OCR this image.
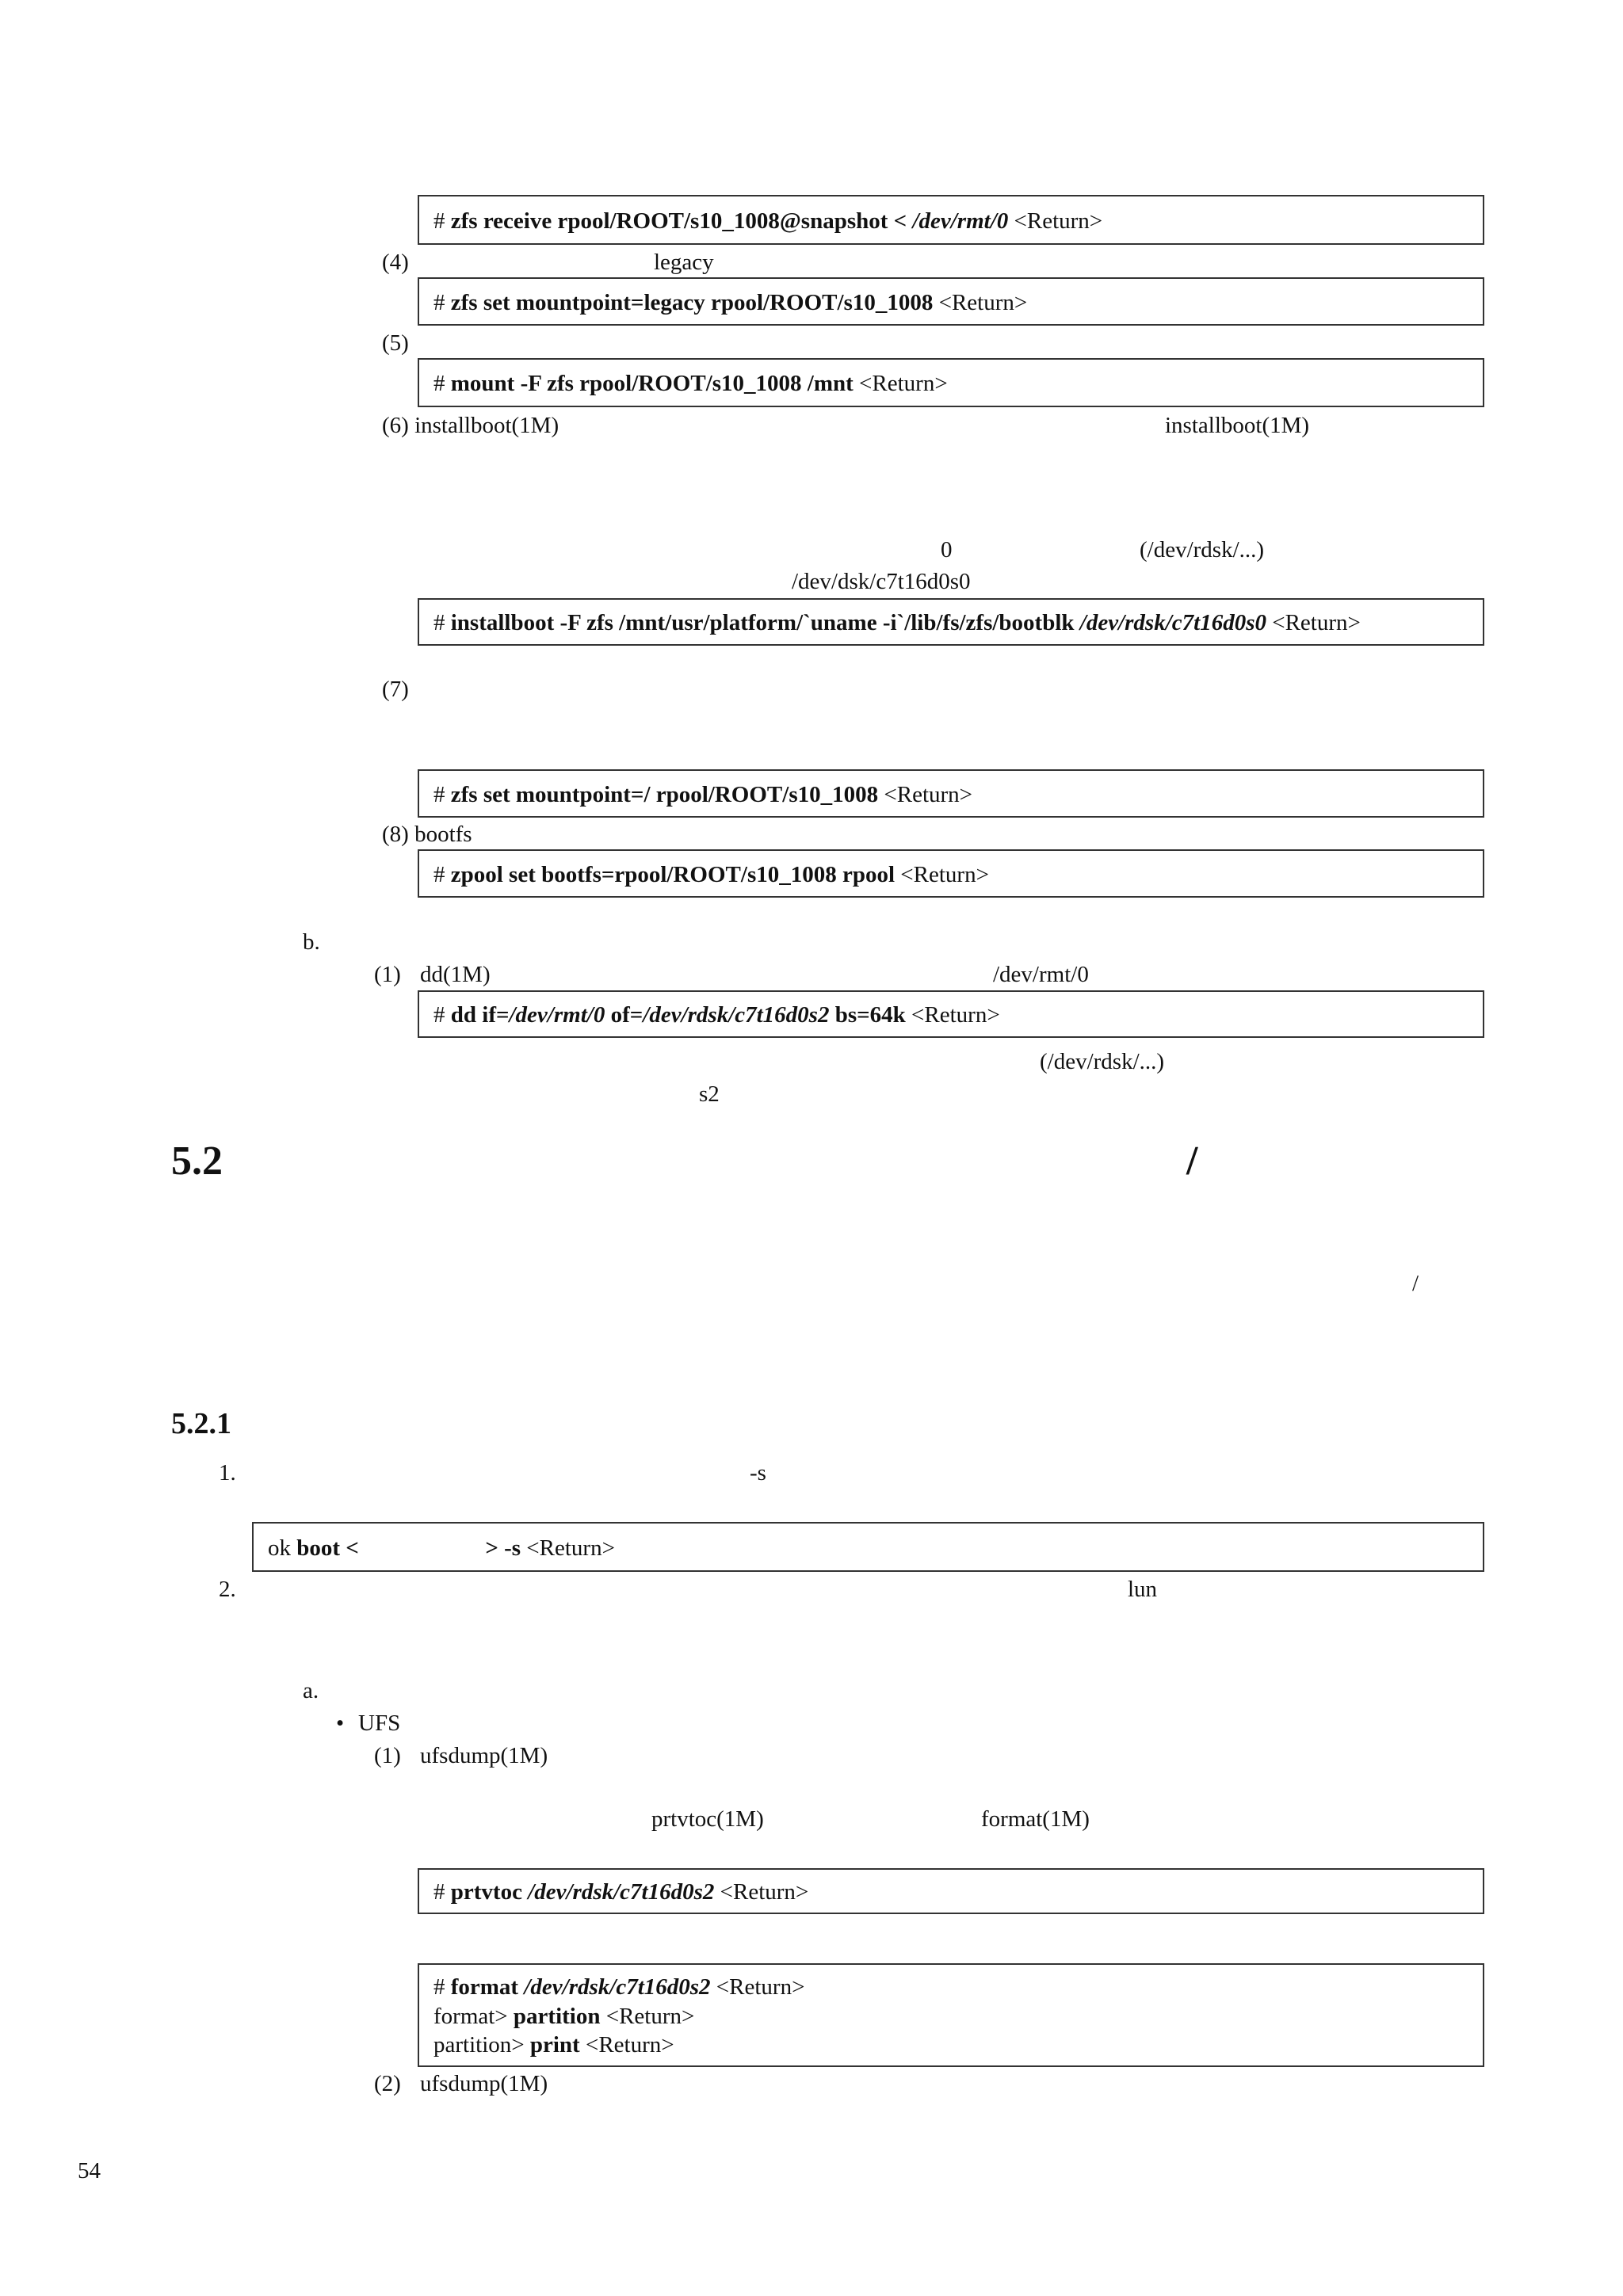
# zfs receive rpool/ROOT/s10_1008@snapshot < /dev/rmt/0 <Return>
(4)	legacy
# zfs set mountpoint=legacy rpool/ROOT/s10_1008 <Return>
(5)
# mount -F zfs rpool/ROOT/s10_1008 /mnt <Return>
(6) installboot(1M)	installboot(1M)
0	(/dev/rdsk/...)
/dev/dsk/c7t16d0s0
# installboot -F zfs /mnt/usr/platform/`uname -i`/lib/fs/zfs/bootblk /dev/rdsk/c7t16d0s0 <Return>
(7)
# zfs set mountpoint=/ rpool/ROOT/s10_1008 <Return>
(8) bootfs
# zpool set bootfs=rpool/ROOT/s10_1008 rpool <Return>
b.
(1) dd(1M)	/dev/rmt/0
# dd if=/dev/rmt/0 of=/dev/rdsk/c7t16d0s2 bs=64k <Return>
(/dev/rdsk/...)
s2
5.2	/
/
5.2.1
1.	-s
ok boot <	> -s <Return>
2.	lun
a.
• UFS
(1) ufsdump(1M)
prtvtoc(1M)	format(1M)
# prtvtoc /dev/rdsk/c7t16d0s2 <Return>
# format /dev/rdsk/c7t16d0s2 <Return>
format> partition <Return>
partition> print <Return>
(2) ufsdump(1M)
54
